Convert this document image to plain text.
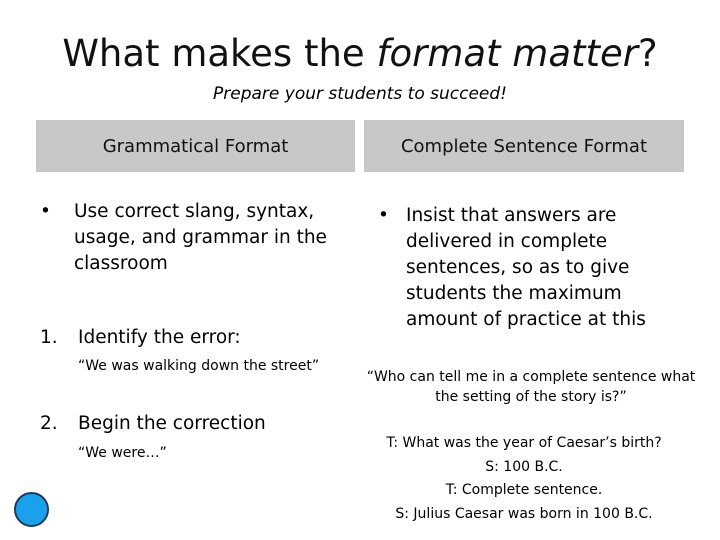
What makes the format matter?
Prepare your students to succeed!
Grammatical Format	Complete Sentence Format
• Use correct slang, syntax, usage, and grammar in the classroom
1. Identify the error:
“We was walking down the street”
2. Begin the correction
“We were…”
• Insist that answers are delivered in complete sentences, so as to give students the maximum amount of practice at this
“Who can tell me in a complete sentence what the setting of the story is?”
T: What was the year of Caesar’s birth?
S: 100 B.C.
T: Complete sentence.
S: Julius Caesar was born in 100 B.C.
